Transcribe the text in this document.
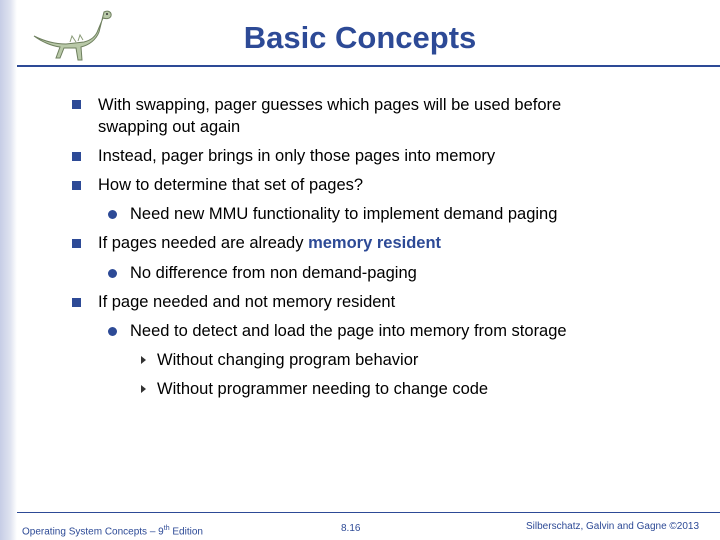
Basic Concepts
With swapping, pager guesses which pages will be used before
swapping out again
Instead, pager brings in only those pages into memory
How to determine that set of pages?
Need new MMU functionality to implement demand paging
If pages needed are already memory resident
No difference from non demand-paging
If page needed and not memory resident
Need to detect and load the page into memory from storage
Without changing program behavior
Without programmer needing to change code
Operating System Concepts – 9th Edition	8.16	Silberschatz, Galvin and Gagne ©2013
